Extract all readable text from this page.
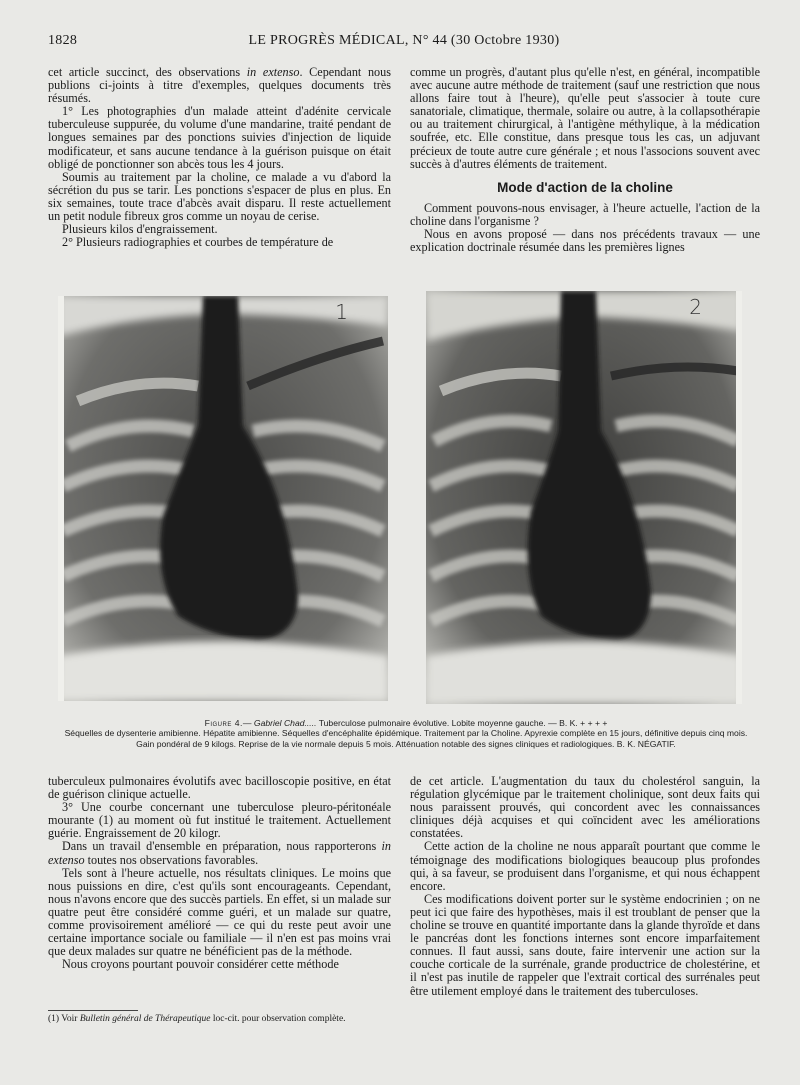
1828	LE PROGRÈS MÉDICAL, N° 44 (30 Octobre 1930)

cet article succinct, des observations in extenso. Cependant nous publions ci-joints à titre d'exemples, quelques documents très résumés.

1° Les photographies d'un malade atteint d'adénite cervicale tuberculeuse suppurée, du volume d'une mandarine, traité pendant de longues semaines par des ponctions suivies d'injection de liquide modificateur, et sans aucune tendance à la guérison puisque on était obligé de ponctionner son abcès tous les 4 jours.

Soumis au traitement par la choline, ce malade a vu d'abord la sécrétion du pus se tarir. Les ponctions s'espacer de plus en plus. En six semaines, toute trace d'abcès avait disparu. Il reste actuellement un petit nodule fibreux gros comme un noyau de cerise.

Plusieurs kilos d'engraissement.

2° Plusieurs radiographies et courbes de température de

comme un progrès, d'autant plus qu'elle n'est, en général, incompatible avec aucune autre méthode de traitement (sauf une restriction que nous allons faire tout à l'heure), qu'elle peut s'associer à toute cure sanatoriale, climatique, thermale, solaire ou autre, à la collapsothérapie ou au traitement chirurgical, à l'antigène méthylique, à la médication soufrée, etc. Elle constitue, dans presque tous les cas, un adjuvant précieux de toute autre cure générale ; et nous l'associons souvent avec succès à d'autres éléments de traitement.

Mode d'action de la choline

Comment pouvons-nous envisager, à l'heure actuelle, l'action de la choline dans l'organisme ?

Nous en avons proposé — dans nos précédents travaux — une explication doctrinale résumée dans les premières lignes

1	2
Figure 4.— Gabriel Chad..... Tuberculose pulmonaire évolutive. Lobite moyenne gauche. — B. K. + + + +
Séquelles de dysenterie amibienne. Hépatite amibienne. Séquelles d'encéphalite épidémique. Traitement par la Choline. Apyrexie complète en 15 jours, définitive depuis cinq mois. Gain pondéral de 9 kilogs. Reprise de la vie normale depuis 5 mois. Atténuation notable des signes cliniques et radiologiques. B. K. NÉGATIF.

tuberculeux pulmonaires évolutifs avec bacilloscopie positive, en état de guérison clinique actuelle.

3° Une courbe concernant une tuberculose pleuro-péritonéale mourante (1) au moment où fut institué le traitement. Actuellement guérie. Engraissement de 20 kilogr.

Dans un travail d'ensemble en préparation, nous rapporterons in extenso toutes nos observations favorables.

Tels sont à l'heure actuelle, nos résultats cliniques. Le moins que nous puissions en dire, c'est qu'ils sont encourageants. Cependant, nous n'avons encore que des succès partiels. En effet, si un malade sur quatre peut être considéré comme guéri, et un malade sur quatre, comme provisoirement amélioré — ce qui du reste peut avoir une certaine importance sociale ou familiale — il n'en est pas moins vrai que deux malades sur quatre ne bénéficient pas de la méthode.

Nous croyons pourtant pouvoir considérer cette méthode

(1) Voir Bulletin général de Thérapeutique loc-cit. pour observation complète.

de cet article. L'augmentation du taux du cholestérol sanguin, la régulation glycémique par le traitement cholinique, sont deux faits qui nous paraissent prouvés, qui concordent avec les connaissances cliniques déjà acquises et qui coïncident avec les améliorations constatées.

Cette action de la choline ne nous apparaît pourtant que comme le témoignage des modifications biologiques beaucoup plus profondes qui, à sa faveur, se produisent dans l'organisme, et qui nous échappent encore.

Ces modifications doivent porter sur le système endocrinien ; on ne peut ici que faire des hypothèses, mais il est troublant de penser que la choline se trouve en quantité importante dans la glande thyroïde et dans le pancréas dont les fonctions internes sont encore imparfaitement connues. Il faut aussi, sans doute, faire intervenir une action sur la couche corticale de la surrénale, grande productrice de cholestérine, et il n'est pas inutile de rappeler que l'extrait cortical des surrénales peut être utilement employé dans le traitement des tuberculoses.
